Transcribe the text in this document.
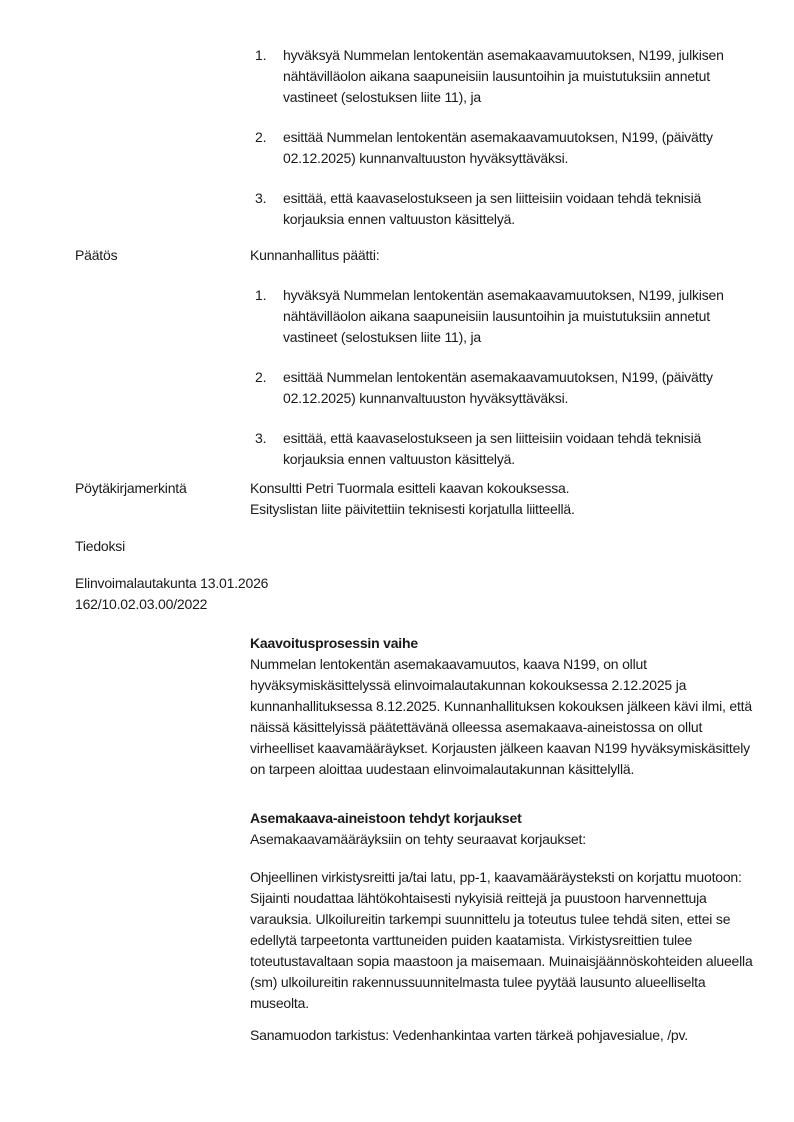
1. hyväksyä Nummelan lentokentän asemakaavamuutoksen, N199, julkisen nähtävilläolon aikana saapuneisiin lausuntoihin ja muistutuksiin annetut vastineet (selostuksen liite 11), ja
2. esittää Nummelan lentokentän asemakaavamuutoksen, N199, (päivätty 02.12.2025) kunnanvaltuuston hyväksyttäväksi.
3. esittää, että kaavaselostukseen ja sen liitteisiin voidaan tehdä teknisiä korjauksia ennen valtuuston käsittelyä.
Päätös	Kunnanhallitus päätti:
1. hyväksyä Nummelan lentokentän asemakaavamuutoksen, N199, julkisen nähtävilläolon aikana saapuneisiin lausuntoihin ja muistutuksiin annetut vastineet (selostuksen liite 11), ja
2. esittää Nummelan lentokentän asemakaavamuutoksen, N199, (päivätty 02.12.2025) kunnanvaltuuston hyväksyttäväksi.
3. esittää, että kaavaselostukseen ja sen liitteisiin voidaan tehdä teknisiä korjauksia ennen valtuuston käsittelyä.
Pöytäkirjamerkintä	Konsultti Petri Tuormala esitteli kaavan kokouksessa.

Esityslistan liite päivitettiin teknisesti korjatulla liitteellä.

Tiedoksi

Elinvoimalautakunta 13.01.2026

162/10.02.03.00/2022

Kaavoitusprosessin vaihe

Nummelan lentokentän asemakaavamuutos, kaava N199, on ollut hyväksymiskäsittelyssä elinvoimalautakunnan kokouksessa 2.12.2025 ja kunnanhallituksessa 8.12.2025. Kunnanhallituksen kokouksen jälkeen kävi ilmi, että näissä käsittelyissä päätettävänä olleessa asemakaava-aineistossa on ollut virheelliset kaavamääräykset. Korjausten jälkeen kaavan N199 hyväksymiskäsittely on tarpeen aloittaa uudestaan elinvoimalautakunnan käsittelyllä.

Asemakaava-aineistoon tehdyt korjaukset
Asemakaavamääräyksiin on tehty seuraavat korjaukset:

Ohjeellinen virkistysreitti ja/tai latu, pp-1, kaavamääräysteksti on korjattu muotoon: Sijainti noudattaa lähtökohtaisesti nykyisiä reittejä ja puustoon harvennettuja varauksia. Ulkoilureitin tarkempi suunnittelu ja toteutus tulee tehdä siten, ettei se edellytä tarpeetonta varttuneiden puiden kaatamista. Virkistysreittien tulee toteutustavaltaan sopia maastoon ja maisemaan. Muinaisjäännöskohteiden alueella (sm) ulkoilureitin rakennussuunnitelmasta tulee pyytää lausunto alueelliselta museolta.

Sanamuodon tarkistus: Vedenhankintaa varten tärkeä pohjavesialue, /pv.
